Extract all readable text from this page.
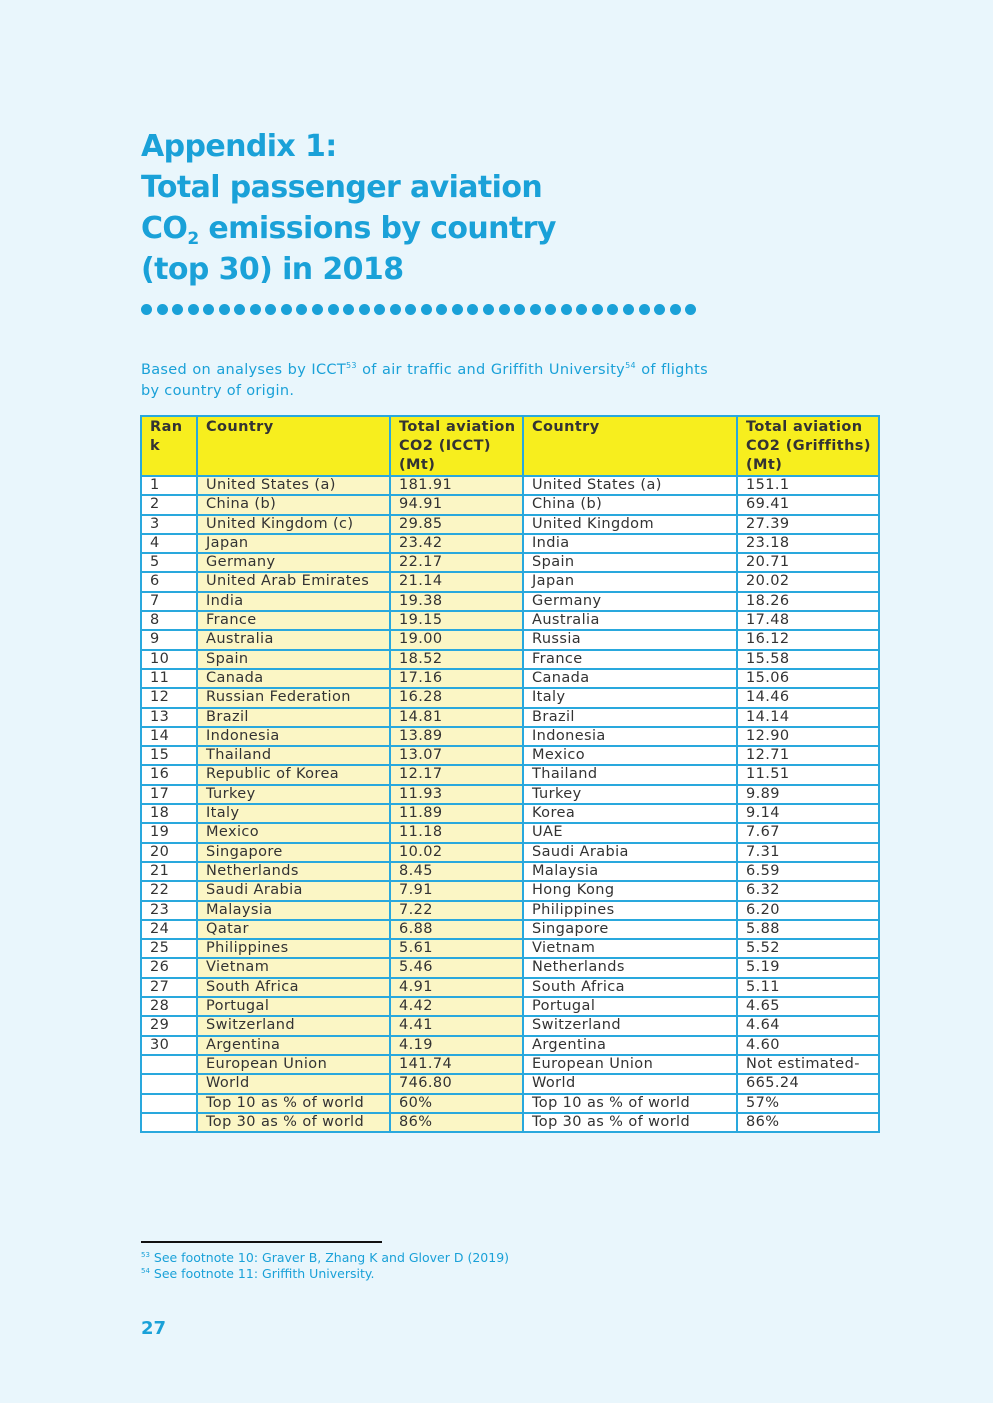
Appendix 1:
Total passenger aviation
$CO_2$ emissions by country
(top 30) in 2018
Based on analyses by ICCT$^{53}$ of air traffic and Griffith University$^{54}$ of flights by country of origin.
Ran k	Country	Total aviation CO2 (ICCT) (Mt)	Country	Total aviation CO2 (Griffiths) (Mt)
1	United States (a)	181.91	United States (a)	151.1
2	China (b)	94.91	China (b)	69.41
3	United Kingdom (c)	29.85	United Kingdom	27.39
4	Japan	23.42	India	23.18
5	Germany	22.17	Spain	20.71
6	United Arab Emirates	21.14	Japan	20.02
7	India	19.38	Germany	18.26
8	France	19.15	Australia	17.48
9	Australia	19.00	Russia	16.12
10	Spain	18.52	France	15.58
11	Canada	17.16	Canada	15.06
12	Russian Federation	16.28	Italy	14.46
13	Brazil	14.81	Brazil	14.14
14	Indonesia	13.89	Indonesia	12.90
15	Thailand	13.07	Mexico	12.71
16	Republic of Korea	12.17	Thailand	11.51
17	Turkey	11.93	Turkey	9.89
18	Italy	11.89	Korea	9.14
19	Mexico	11.18	UAE	7.67
20	Singapore	10.02	Saudi Arabia	7.31
21	Netherlands	8.45	Malaysia	6.59
22	Saudi Arabia	7.91	Hong Kong	6.32
23	Malaysia	7.22	Philippines	6.20
24	Qatar	6.88	Singapore	5.88
25	Philippines	5.61	Vietnam	5.52
26	Vietnam	5.46	Netherlands	5.19
27	South Africa	4.91	South Africa	5.11
28	Portugal	4.42	Portugal	4.65
29	Switzerland	4.41	Switzerland	4.64
30	Argentina	4.19	Argentina	4.60
	European Union	141.74	European Union	Not estimated-
	World	746.80	World	665.24
	Top 10 as % of world	60%	Top 10 as % of world	57%
	Top 30 as % of world	86%	Top 30 as % of world	86%
$^{53}$ See footnote 10: Graver B, Zhang K and Glover D (2019)
$^{54}$ See footnote 11: Griffith University.
27
